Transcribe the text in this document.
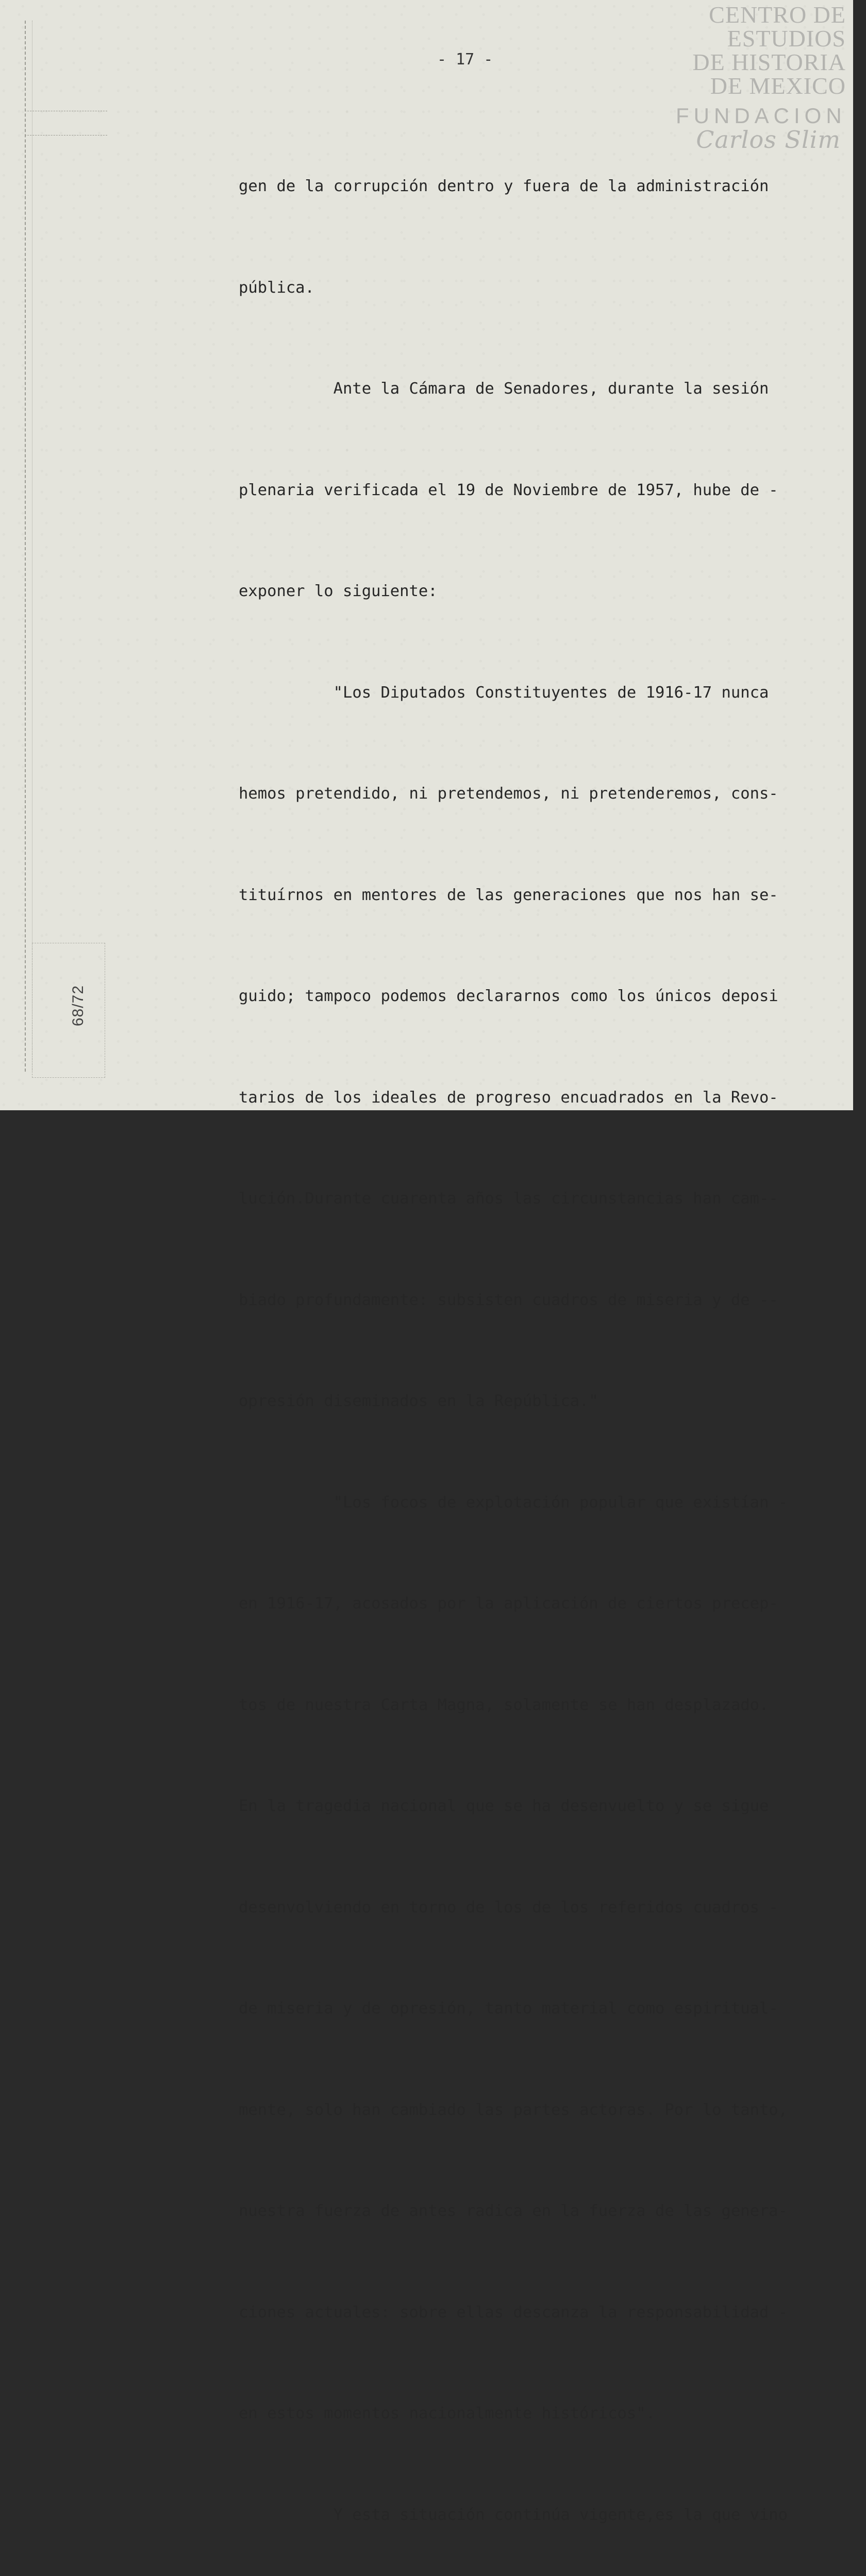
68/72
CENTRO DE
ESTUDIOS
DE HISTORIA
DE MEXICO
FUNDACION
Carlos Slim
- 17 -

gen de la corrupción dentro y fuera de la administración

pública.

Ante la Cámara de Senadores, durante la sesión

plenaria verificada el 19 de Noviembre de 1957, hube de -

exponer lo siguiente:

"Los Diputados Constituyentes de 1916-17 nunca

hemos pretendido, ni pretendemos, ni pretenderemos, cons-

tituírnos en mentores de las generaciones que nos han se-

guido; tampoco podemos declararnos como los únicos deposi

tarios de los ideales de progreso encuadrados en la Revo-

lución.Durante cuarenta años las circunstancias han cam--

biado profundamente: subsisten cuadros de miseria y de --

opresión diseminados en la República."

"Los focos de explotación popular que existían -

en 1916-17, acosados por la aplicación de ciertos precep-

tos de nuestra Carta Magna, solamente se han desplazado.

En la tragedia nacional que se ha desenvuelto y se sigue

desenvolviendo en torno de los de los referidos cuadros -

de miseria y de opresión, tanto material como espiritual-

mente, solo han cambiado las partes actoras. Por lo tanto,

nuestra fuerza de antes radica en la fuerza de las genera-

ciones actuales: sobre ellas descanza la responsabilidad -

en estos momentos nacionalmente históricos".

Y esta situación continúa vigente,es la que vino
